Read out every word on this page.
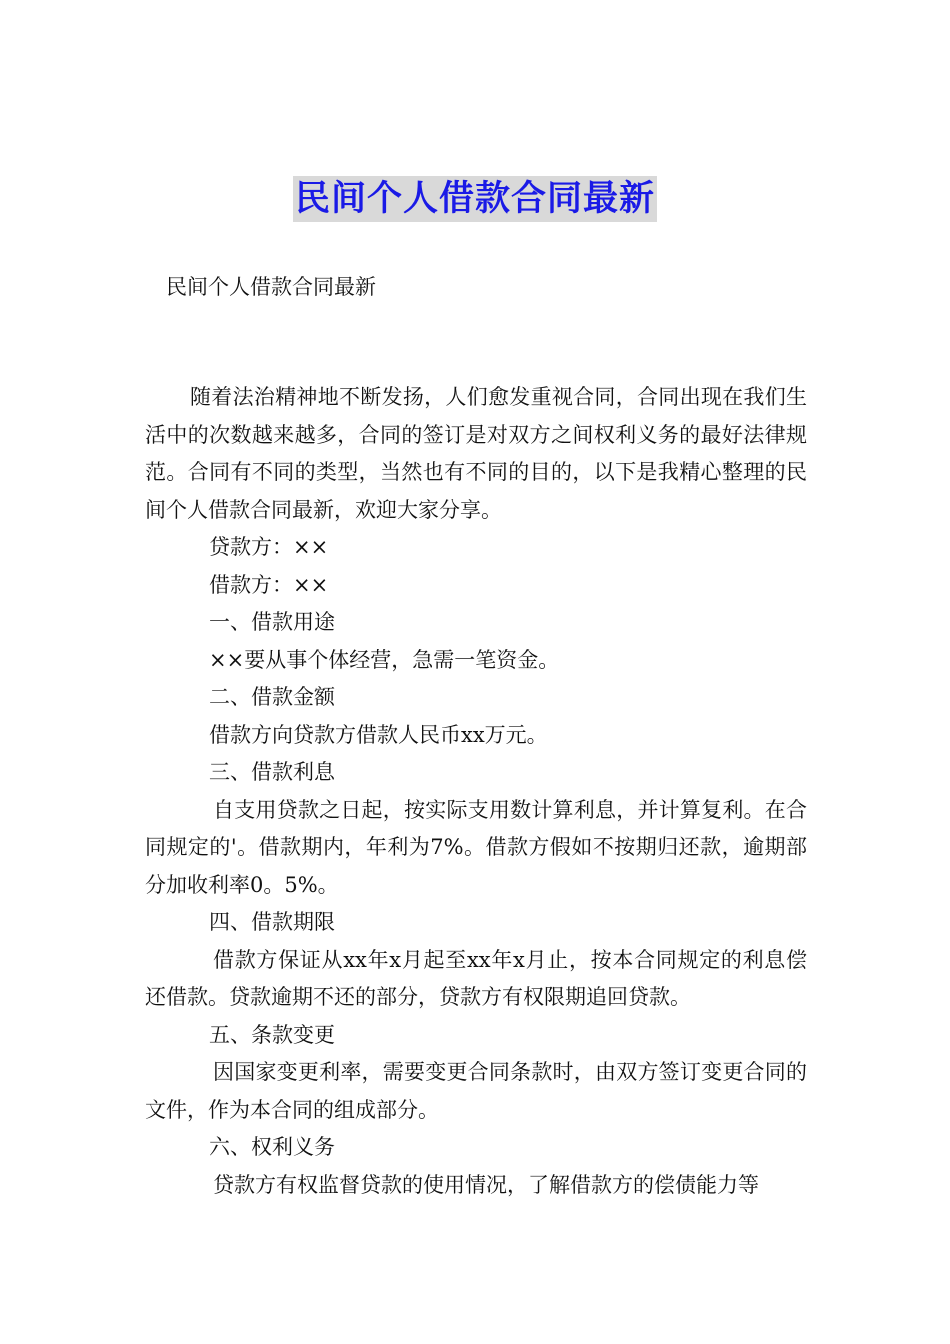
民间个人借款合同最新
民间个人借款合同最新

随着法治精神地不断发扬，人们愈发重视合同，合同出现在我们生活中的次数越来越多，合同的签订是对双方之间权利义务的最好法律规范。合同有不同的类型，当然也有不同的目的，以下是我精心整理的民间个人借款合同最新，欢迎大家分享。

贷款方：××

借款方：××

一、借款用途

××要从事个体经营，急需一笔资金。

二、借款金额

借款方向贷款方借款人民币xx万元。

三、借款利息

自支用贷款之日起，按实际支用数计算利息，并计算复利。在合同规定的'。借款期内，年利为7%。借款方假如不按期归还款，逾期部分加收利率0。5%。

四、借款期限

借款方保证从xx年x月起至xx年x月止，按本合同规定的利息偿还借款。贷款逾期不还的部分，贷款方有权限期追回贷款。

五、条款变更

因国家变更利率，需要变更合同条款时，由双方签订变更合同的文件，作为本合同的组成部分。

六、权利义务

贷款方有权监督贷款的使用情况，了解借款方的偿债能力等
